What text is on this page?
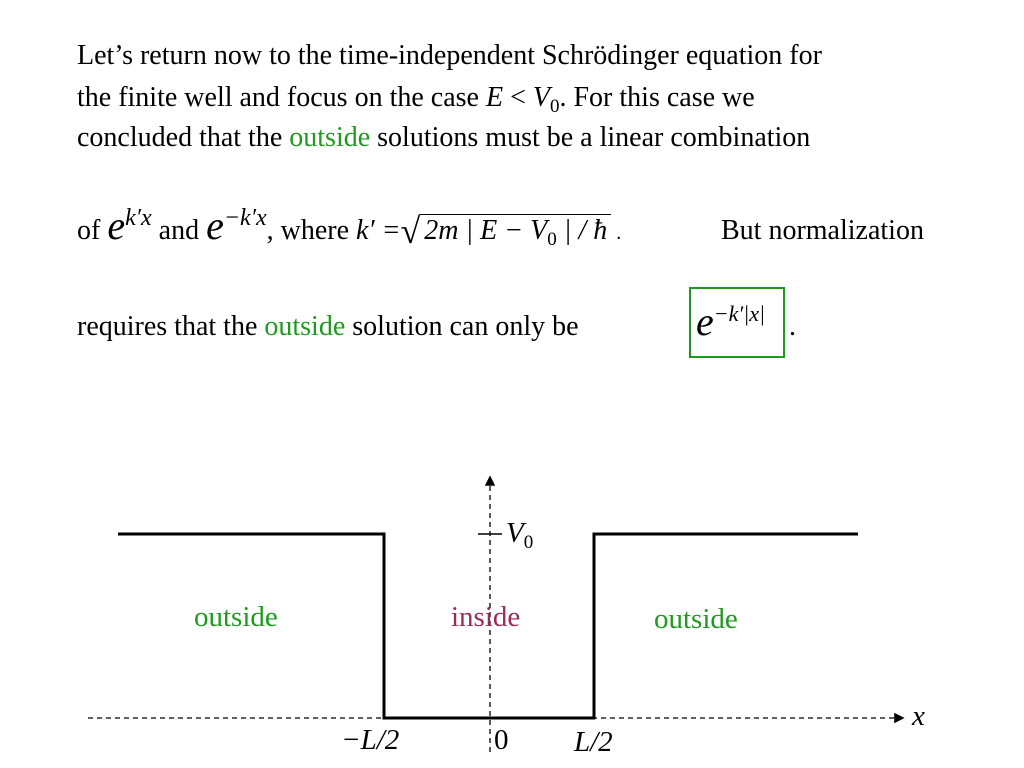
Let’s return now to the time-independent Schrödinger equation for
the finite well and focus on the case $E < V_0$. For this case we
concluded that the outside solutions must be a linear combination
of ek′x and e−k′x, where k′ =√ 2m | $E - V_0$ | / ħ .	But normalization
requires that the outside solution can only be	$e^{-k'|x|}$ .
outside	inside	outside
$V_0$
−L/2	0 L/2
x
